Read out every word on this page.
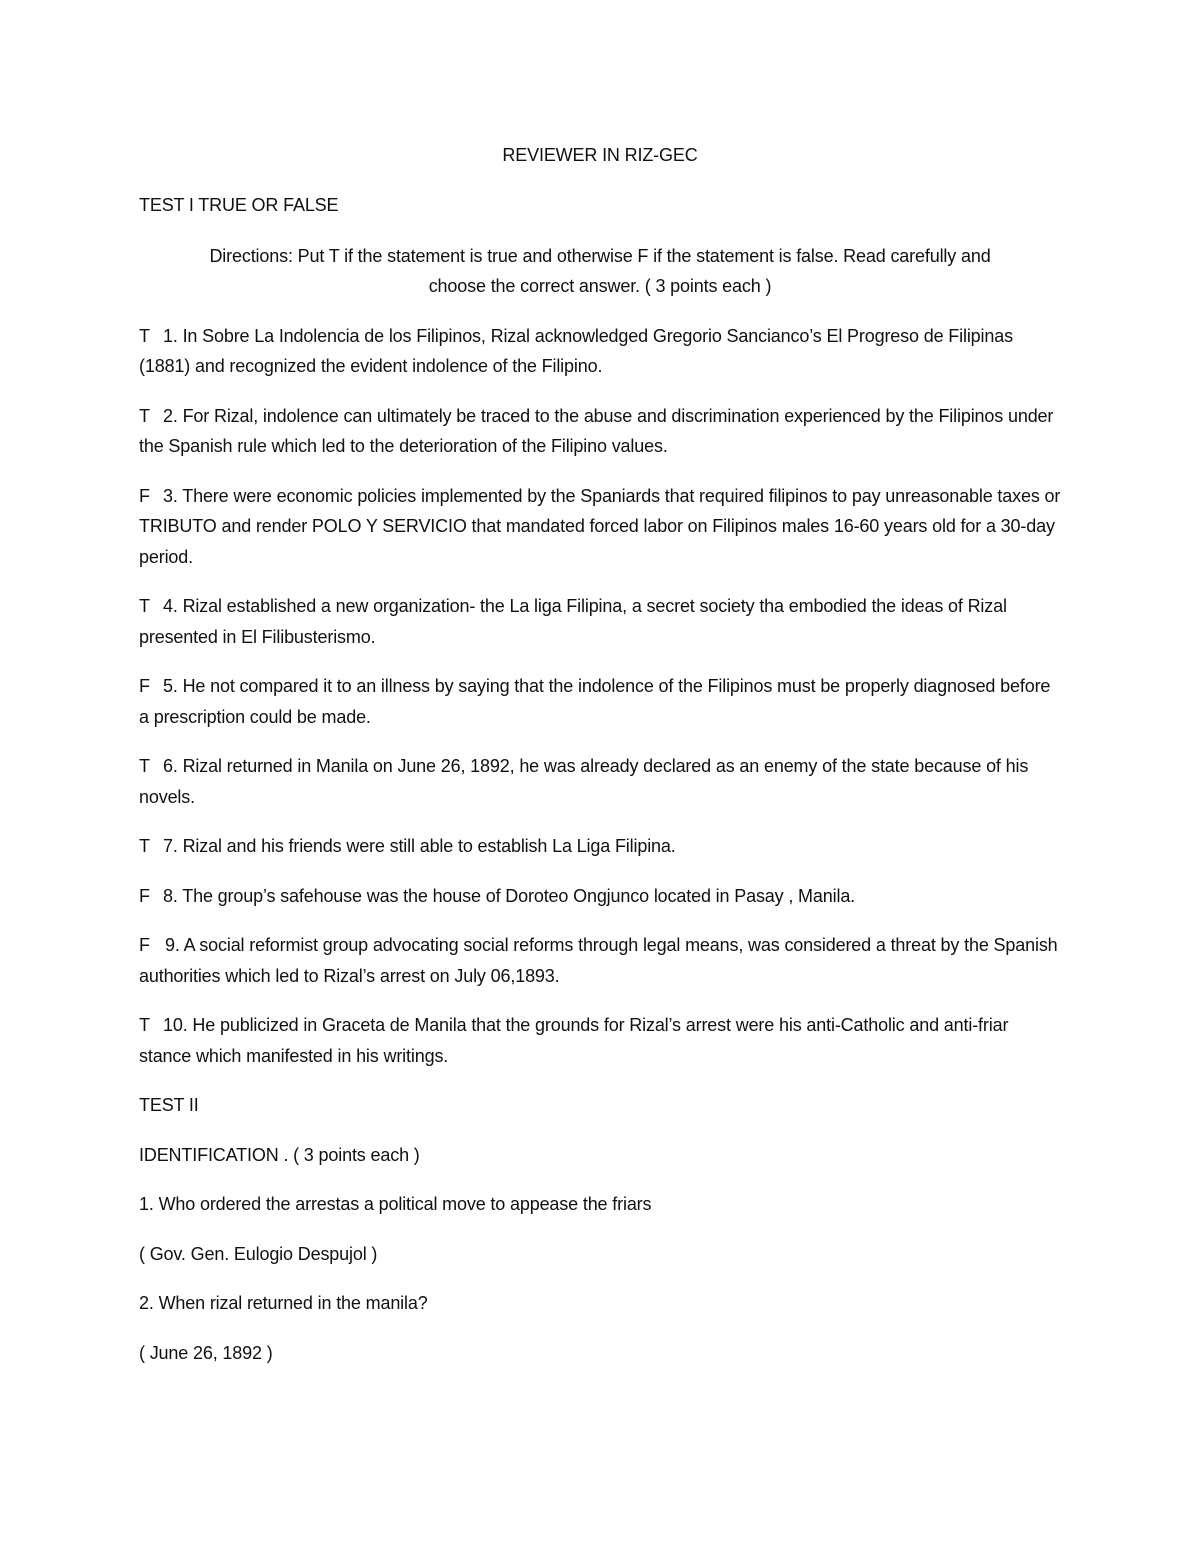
REVIEWER IN RIZ-GEC
TEST I TRUE OR FALSE
Directions: Put T if the statement is true and otherwise F if the statement is false. Read carefully and
choose the correct answer. ( 3 points each )
T 1. In Sobre La Indolencia de los Filipinos, Rizal acknowledged Gregorio Sancianco’s El Progreso de Filipinas (1881) and recognized the evident indolence of the Filipino.
T 2. For Rizal, indolence can ultimately be traced to the abuse and discrimination experienced by the Filipinos under the Spanish rule which led to the deterioration of the Filipino values.
F 3. There were economic policies implemented by the Spaniards that required filipinos to pay unreasonable taxes or TRIBUTO and render POLO Y SERVICIO that mandated forced labor on Filipinos males 16-60 years old for a 30-day period.
T 4. Rizal established a new organization- the La liga Filipina, a secret society tha embodied the ideas of Rizal presented in El Filibusterismo.
F 5. He not compared it to an illness by saying that the indolence of the Filipinos must be properly diagnosed before a prescription could be made.
T 6. Rizal returned in Manila on June 26, 1892, he was already declared as an enemy of the state because of his novels.
T 7. Rizal and his friends were still able to establish La Liga Filipina.
F 8. The group’s safehouse was the house of Doroteo Ongjunco located in Pasay , Manila.
F 9. A social reformist group advocating social reforms through legal means, was considered a threat by the Spanish authorities which led to Rizal’s arrest on July 06,1893.
T 10. He publicized in Graceta de Manila that the grounds for Rizal’s arrest were his anti-Catholic and anti-friar stance which manifested in his writings.
TEST II
IDENTIFICATION . ( 3 points each )
1. Who ordered the arrestas a political move to appease the friars
( Gov. Gen. Eulogio Despujol )
2. When rizal returned in the manila?
( June 26, 1892 )
